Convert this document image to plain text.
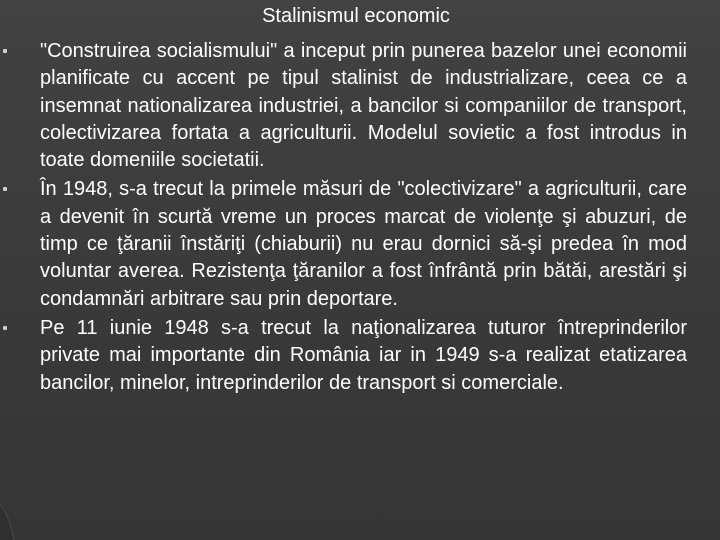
Stalinismul economic
"Construirea socialismului" a inceput prin punerea bazelor unei economii planificate cu accent pe tipul stalinist de industrializare, ceea ce a insemnat nationalizarea industriei, a bancilor si companiilor de transport, colectivizarea fortata a agriculturii. Modelul sovietic a fost introdus in toate domeniile societatii.
În 1948, s-a trecut la primele măsuri de "colectivizare" a agriculturii, care a devenit în scurtă vreme un proces marcat de violenţe şi abuzuri, de timp ce ţăranii înstăriţi (chiaburii) nu erau dornici să-şi predea în mod voluntar averea. Rezistenţa ţăranilor a fost înfrântă prin bătăi, arestări şi condamnări arbitrare sau prin deportare.
Pe 11 iunie 1948 s-a trecut la naţionalizarea tuturor întreprinderilor private mai importante din România iar in 1949 s-a realizat etatizarea bancilor, minelor, intreprinderilor de transport si comerciale.
